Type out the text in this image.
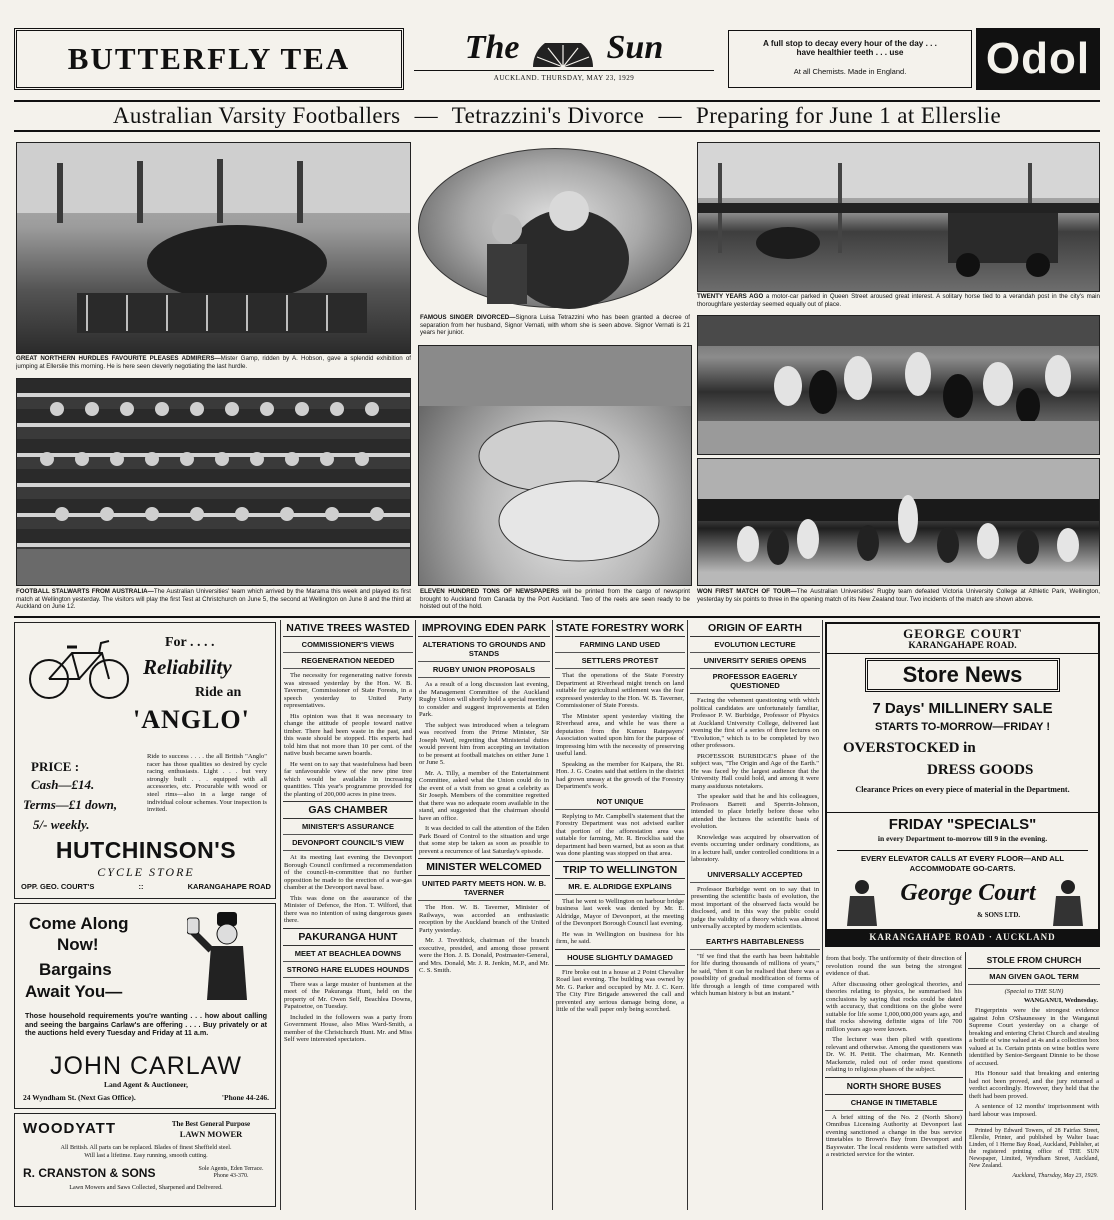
BUTTERFLY TEA	The	Sun
AUCKLAND. THURSDAY, MAY 23, 1929
A full stop to decay every hour of the day . . .
have healthier teeth . . . use
At all Chemists. Made in England.	Odol
Australian Varsity Footballers — Tetrazzini's Divorce — Preparing for June 1 at Ellerslie
GREAT NORTHERN HURDLES FAVOURITE PLEASES ADMIRERS—Mister Gamp, ridden by A. Hobson, gave a splendid exhibition of jumping at Ellerslie this morning. He is here seen cleverly negotiating the last hurdle.
FOOTBALL STALWARTS FROM AUSTRALIA—The Australian Universities' team which arrived by the Marama this week and played its first match at Wellington yesterday. The visitors will play the first Test at Christchurch on June 5, the second at Wellington on June 8 and the third at Auckland on June 12.
FAMOUS SINGER DIVORCED—Signora Luisa Tetrazzini who has been granted a decree of separation from her husband, Signor Vernati, with whom she is seen above. Signor Vernati is 21 years her junior.
ELEVEN HUNDRED TONS OF NEWSPAPERS will be printed from the cargo of newsprint brought to Auckland from Canada by the Port Auckland. Two of the reels are seen ready to be hoisted out of the hold.
TWENTY YEARS AGO a motor-car parked in Queen Street aroused great interest. A solitary horse tied to a verandah post in the city's main thoroughfare yesterday seemed equally out of place.
WON FIRST MATCH OF TOUR—The Australian Universities' Rugby team defeated Victoria University College at Athletic Park, Wellington, yesterday by six points to three in the opening match of its New Zealand tour. Two incidents of the match are shown above.
For . . . .
Reliability
Ride an
'ANGLO'
PRICE :
Cash—£14.
Terms—£1 down,
5/- weekly.
Ride to success . . . . the all British "Anglo" racer has those qualities so desired by cycle racing enthusiasts. Light . . . but very strongly built . . . equipped with all accessories, etc. Procurable with wood or steel rims—also in a large range of individual colour schemes. Your inspection is invited.
HUTCHINSON'S
CYCLE STORE
OPP. GEO. COURT'S	::	KARANGAHAPE ROAD
Come Along
Now!
Bargains
Await You—
Those household requirements you're wanting . . . how about calling and seeing the bargains Carlaw's are offering . . . . Buy privately or at the auctions held every Tuesday and Friday at 11 a.m.
JOHN CARLAW
Land Agent & Auctioneer,
24 Wyndham St. (Next Gas Office).	'Phone 44-246.
WOODYATT	The Best General Purpose
LAWN MOWER
All British. All parts can be replaced. Blades of finest Sheffield steel.
Will last a lifetime. Easy running, smooth cutting.
R. CRANSTON & SONS	Sole Agents, Eden Terrace. Phone 43-370.
Lawn Mowers and Saws Collected, Sharpened and Delivered.
NATIVE TREES WASTED
COMMISSIONER'S VIEWS
REGENERATION NEEDED

The necessity for regenerating native forests was stressed yesterday by the Hon. W. B. Taverner, Commissioner of State Forests, in a speech yesterday to United Party representatives.

His opinion was that it was necessary to change the attitude of people toward native timber. There had been waste in the past, and this waste should be stopped. His experts had told him that not more than 10 per cent. of the native bush became sawn boards.

He went on to say that wastefulness had been far unfavourable view of the new pine tree which would be available in increasing quantities. This year's programme provided for the planting of 200,000 acres in pine trees.

GAS CHAMBER
MINISTER'S ASSURANCE
DEVONPORT COUNCIL'S VIEW

At its meeting last evening the Devonport Borough Council confirmed a recommendation of the council-in-committee that no further opposition be made to the erection of a war-gas chamber at the Devonport naval base.

This was done on the assurance of the Minister of Defence, the Hon. T. Wilford, that there was no intention of using dangerous gases there.

PAKURANGA HUNT
MEET AT BEACHLEA DOWNS
STRONG HARE ELUDES HOUNDS

There was a large muster of huntsmen at the meet of the Pakuranga Hunt, held on the property of Mr. Owen Self, Beachlea Downs, Papatoetoe, on Tuesday.

Included in the followers was a party from Government House, also Miss Ward-Smith, a member of the Christchurch Hunt. Mr. and Miss Self were interested spectators.

IMPROVING EDEN PARK
ALTERATIONS TO GROUNDS AND STANDS
RUGBY UNION PROPOSALS

As a result of a long discussion last evening, the Management Committee of the Auckland Rugby Union will shortly hold a special meeting to consider and suggest improvements at Eden Park.

The subject was introduced when a telegram was received from the Prime Minister, Sir Joseph Ward, regretting that Ministerial duties would prevent him from accepting an invitation to be present at football matches on either June 1 or June 5.

Mr. A. Tilly, a member of the Entertainment Committee, asked what the Union could do in the event of a visit from so great a celebrity as Sir Joseph. Members of the committee regretted that there was no adequate room available in the stand, and suggested that the chairman should have an office.

It was decided to call the attention of the Eden Park Board of Control to the situation and urge that some step be taken as soon as possible to prevent a recurrence of last Saturday's episode.

MINISTER WELCOMED
UNITED PARTY MEETS HON. W. B. TAVERNER

The Hon. W. B. Taverner, Minister of Railways, was accorded an enthusiastic reception by the Auckland branch of the United Party yesterday.

Mr. J. Trevithick, chairman of the branch executive, presided, and among those present were the Hon. J. B. Donald, Postmaster-General, and Mrs. Donald, Mr. J. R. Jenkin, M.P., and Mr. C. S. Smith.

STATE FORESTRY WORK
FARMING LAND USED
SETTLERS PROTEST

That the operations of the State Forestry Department at Riverhead might trench on land suitable for agricultural settlement was the fear expressed yesterday to the Hon. W. B. Taverner, Commissioner of State Forests.

The Minister spent yesterday visiting the Riverhead area, and while he was there a deputation from the Kumeu Ratepayers' Association waited upon him for the purpose of impressing him with the necessity of preserving useful land.

Speaking as the member for Kaipara, the Rt. Hon. J. G. Coates said that settlers in the district had grown uneasy at the growth of the Forestry Department's work.

NOT UNIQUE

Replying to Mr. Campbell's statement that the Forestry Department was not advised earlier that portion of the afforestation area was suitable for farming, Mr. R. Brockliss said the department had been warned, but as soon as that was done planting was stopped on that area.

TRIP TO WELLINGTON
MR. E. ALDRIDGE EXPLAINS

That he went to Wellington on harbour bridge business last week was denied by Mr. E. Aldridge, Mayor of Devonport, at the meeting of the Devonport Borough Council last evening.

He was in Wellington on business for his firm, he said.

HOUSE SLIGHTLY DAMAGED

Fire broke out in a house at 2 Point Chevalier Road last evening. The building was owned by Mr. G. Parker and occupied by Mr. J. C. Kerr. The City Fire Brigade answered the call and prevented any serious damage being done, a little of the wall paper only being scorched.

ORIGIN OF EARTH
EVOLUTION LECTURE
UNIVERSITY SERIES OPENS
PROFESSOR EAGERLY QUESTIONED

Facing the vehement questioning with which political candidates are unfortunately familiar, Professor P. W. Burbidge, Professor of Physics at Auckland University College, delivered last evening the first of a series of three lectures on "Evolution," which is to be completed by two other professors.

PROFESSOR BURBIDGE'S phase of the subject was, "The Origin and Age of the Earth." He was faced by the largest audience that the University Hall could hold, and among it were many assiduous notetakers.

The speaker said that he and his colleagues, Professors Barrett and Sperrin-Johnson, intended to place briefly before those who attended the lectures the scientific basis of evolution.

Knowledge was acquired by observation of events occurring under ordinary conditions, as in a lecture hall, under controlled conditions in a laboratory.

UNIVERSALLY ACCEPTED

Professor Burbidge went on to say that in presenting the scientific basis of evolution, the most important of the observed facts would be disclosed, and in this way the public could judge the validity of a theory which was almost universally accepted by modern scientists.

EARTH'S HABITABLENESS

"If we find that the earth has been habitable for life during thousands of millions of years," he said, "then it can be realised that there was a possibility of gradual modification of forms of life through a length of time compared with which human history is but an instant."

GEORGE COURT
KARANGAHAPE ROAD.
Store News
7 Days' MILLINERY SALE
STARTS TO-MORROW—FRIDAY !
OVERSTOCKED in
DRESS GOODS
Clearance Prices on every piece of material in the Department.
FRIDAY "SPECIALS"
in every Department to-morrow till 9 in the evening.
EVERY ELEVATOR CALLS AT EVERY FLOOR—AND ALL ACCOMMODATE GO-CARTS.
George Court
& SONS LTD.
KARANGAHAPE ROAD · AUCKLAND

from that body. The uniformity of their direction of revolution round the sun being the strongest evidence of that.

After discussing other geological theories, and theories relating to physics, he summarised his conclusions by saying that rocks could be dated with accuracy, that conditions on the globe were suitable for life some 1,000,000,000 years ago, and that rocks showing definite signs of life 700 million years ago were known.

The lecturer was then plied with questions relevant and otherwise. Among the questioners was Dr. W. H. Pettit. The chairman, Mr. Kenneth Mackenzie, ruled out of order most questions relating to religious phases of the subject.

NORTH SHORE BUSES
CHANGE IN TIMETABLE

A brief sitting of the No. 2 (North Shore) Omnibus Licensing Authority at Devonport last evening sanctioned a change in the bus service timetables to Brown's Bay from Devonport and Bayswater. The local residents were satisfied with a restricted service for the winter.

STOLE FROM CHURCH
MAN GIVEN GAOL TERM
(Special to THE SUN)
WANGANUI, Wednesday.

Fingerprints were the strongest evidence against John O'Shaunessey in the Wanganui Supreme Court yesterday on a charge of breaking and entering Christ Church and stealing a bottle of wine valued at 4s and a collection box valued at 1s. Certain prints on wine bottles were identified by Senior-Sergeant Dinnie to be those of accused.

His Honour said that breaking and entering had not been proved, and the jury returned a verdict accordingly. However, they held that the theft had been proved.

A sentence of 12 months' imprisonment with hard labour was imposed.

Printed by Edward Towers, of 28 Fairfax Street, Ellerslie, Printer, and published by Walter Isaac Linden, of 1 Herne Bay Road, Auckland, Publisher, at the registered printing office of THE SUN Newspaper, Limited, Wyndham Street, Auckland, New Zealand.

Auckland, Thursday, May 23, 1929.
